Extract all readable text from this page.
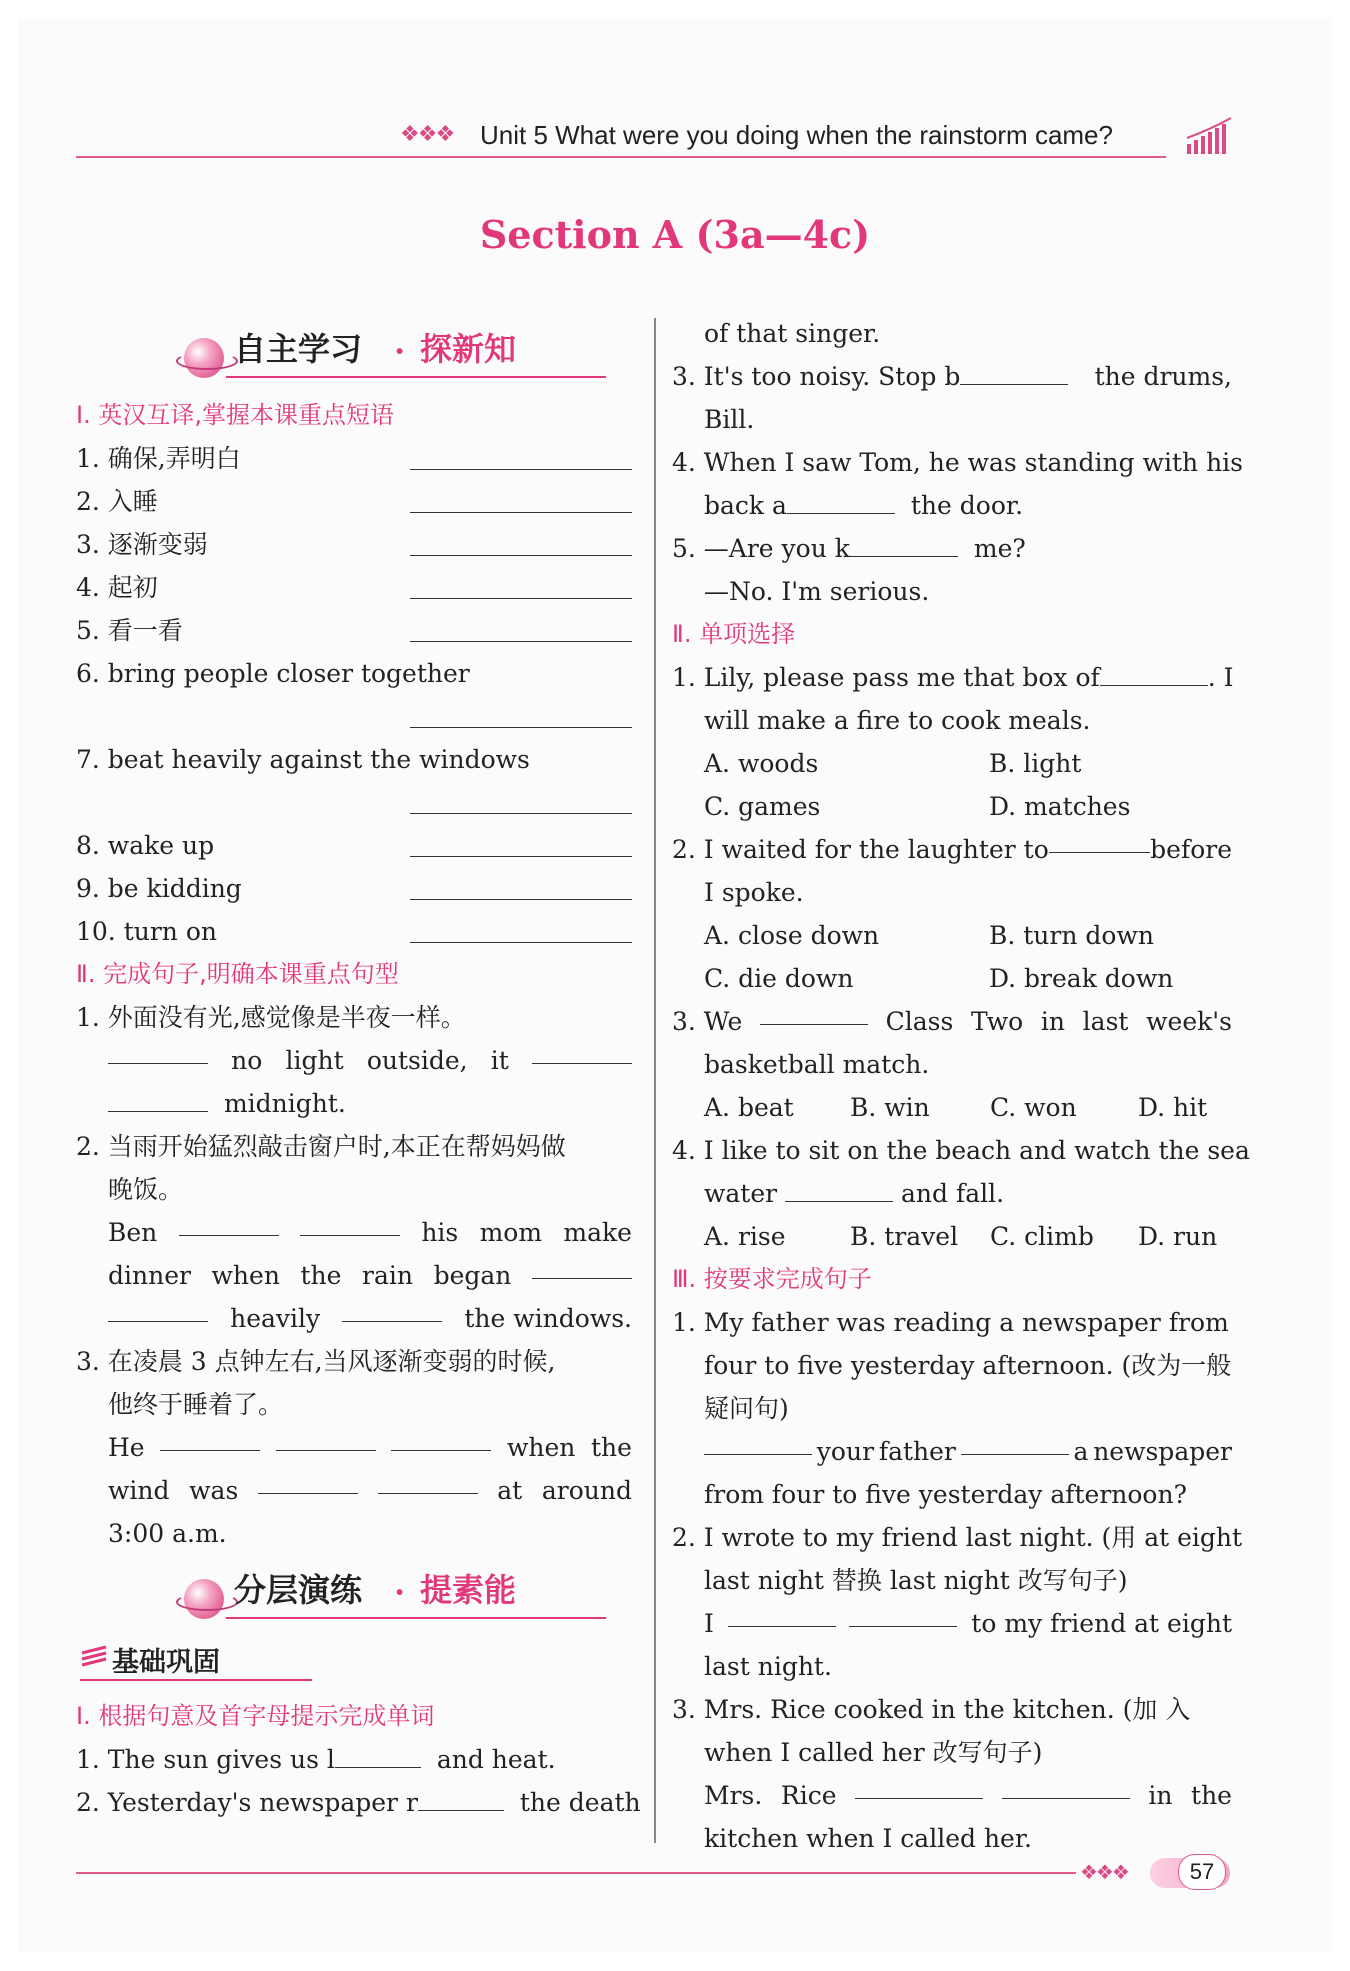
❖❖❖ Unit 5 What were you doing when the rainstorm came?
Section A (3a—4c)
自主学习 · 探新知
Ⅰ. 英汉互译,掌握本课重点短语
1. 确保,弄明白
2. 入睡
3. 逐渐变弱
4. 起初
5. 看一看
6. bring people closer together
7. beat heavily against the windows
8. wake up
9. be kidding
10. turn on
Ⅱ. 完成句子,明确本课重点句型
1. 外面没有光,感觉像是半夜一样。
no light outside, it
midnight.
2. 当雨开始猛烈敲击窗户时,本正在帮妈妈做
晚饭。
Ben	his mom make
dinner when the rain began
heavily	the windows.
3. 在凌晨 3 点钟左右,当风逐渐变弱的时候,
他终于睡着了。
He	when the
wind was	at around
3:00 a.m.
分层演练 · 提素能
基础巩固
Ⅰ. 根据句意及首字母提示完成单词
1. The sun gives us l	and heat.
2. Yesterday's newspaper r	the death
of that singer.
3. It's too noisy. Stop b	the drums,
Bill.
4. When I saw Tom, he was standing with his
back a	the door.
5. —Are you k	me?
—No. I'm serious.
Ⅱ. 单项选择
1. Lily, please pass me that box of	. I
will make a fire to cook meals.
A. woods	B. light
C. games	D. matches
2. I waited for the laughter to	before
I spoke.
A. close down	B. turn down
C. die down	D. break down
3. We	Class Two in last week's
basketball match.
A. beat	B. win	C. won	D. hit
4. I like to sit on the beach and watch the sea
water	and fall.
A. rise	B. travel	C. climb	D. run
Ⅲ. 按要求完成句子
1. My father was reading a newspaper from
four to five yesterday afternoon. (改为一般
疑问句)
your father	a newspaper
from four to five yesterday afternoon?
2. I wrote to my friend last night. (用 at eight
last night 替换 last night 改写句子)
I	to my friend at eight
last night.
3. Mrs. Rice cooked in the kitchen. (加 入
when I called her 改写句子)
Mrs. Rice	in the
kitchen when I called her.
❖❖❖	57
